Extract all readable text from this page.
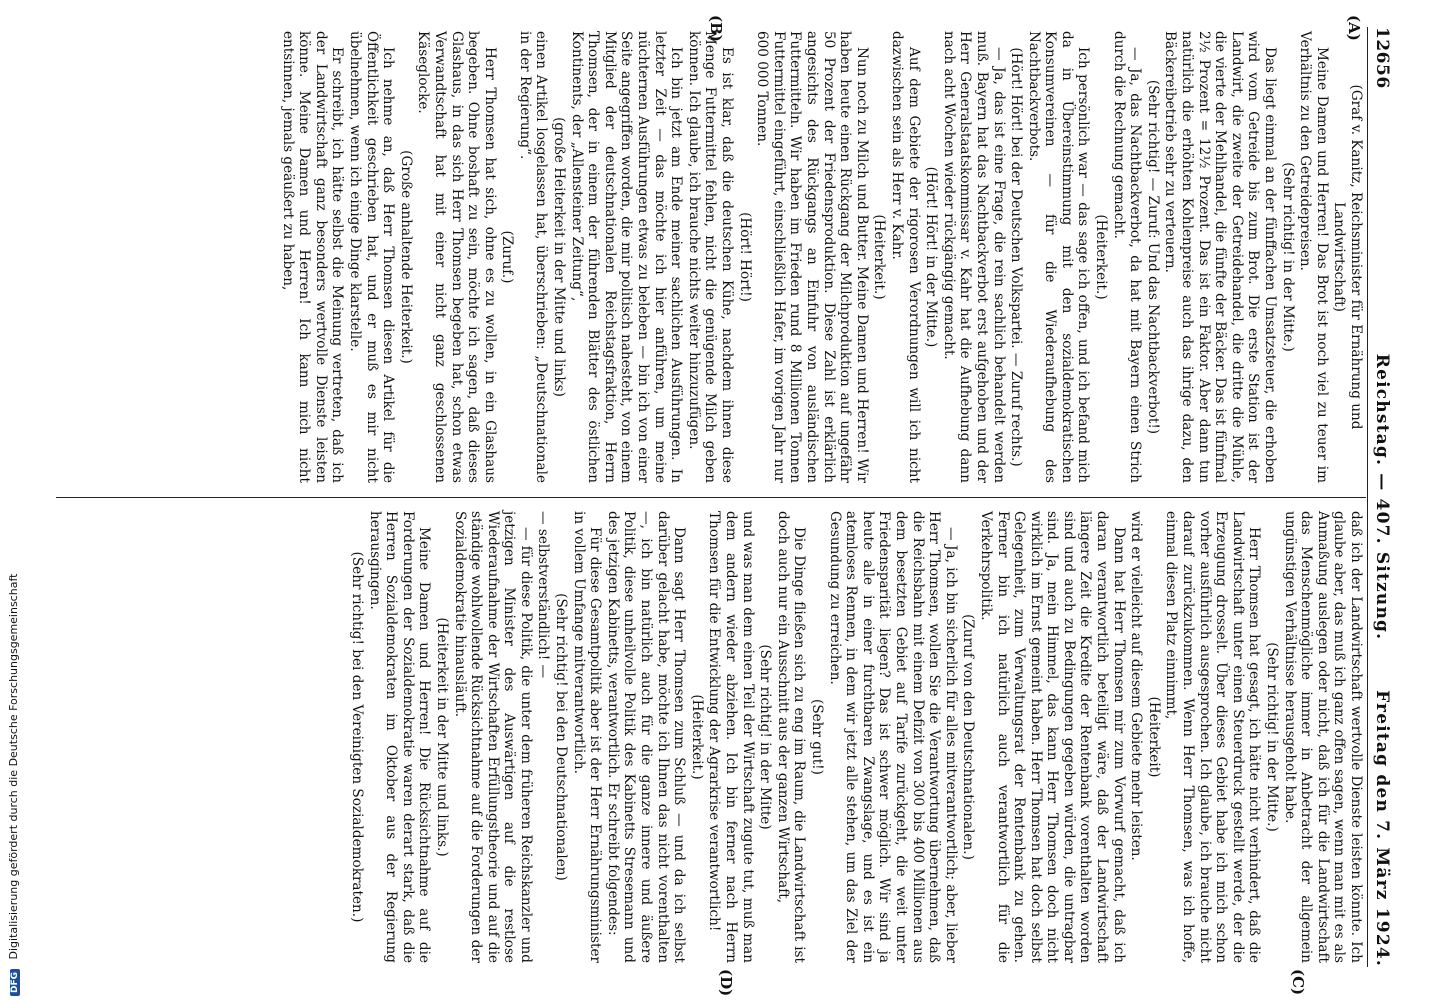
12656
Reichstag. — 407. Sitzung.
Freitag den 7. März 1924.
(A)
(B)

(Graf v. Kanitz, Reichsminister für Ernährung und Landwirtschaft)

Meine Damen und Herren! Das Brot ist noch viel zu teuer im Verhältnis zu den Getreidepreisen.

(Sehr richtig! in der Mitte.)

Das liegt einmal an der fünffachen Umsatzsteuer, die erhoben wird vom Getreide bis zum Brot. Die erste Station ist der Landwirt, die zweite der Getreidehandel, die dritte die Mühle, die vierte der Mehlhandel, die fünfte der Bäcker. Das ist fünfmal 2½ Prozent = 12½ Prozent. Das ist ein Faktor. Aber dann tun natürlich die erhöhten Kohlenpreise auch das ihrige dazu, den Bäckereibetrieb sehr zu verteuern.

(Sehr richtig! — Zuruf: Und das Nachtbackverbot!)

— Ja, das Nachtbackverbot, da hat mit Bayern einen Strich durch die Rechnung gemacht.

(Heiterkeit.)

Ich persönlich war — das sage ich offen, und ich befand mich da in Übereinstimmung mit den sozialdemokratischen Konsumvereinen — für die Wiederaufhebung des Nachtbackverbots.

(Hört! Hört! bei der Deutschen Volkspartei. — Zuruf rechts.)

— Ja, das ist eine Frage, die rein sachlich behandelt werden muß. Bayern hat das Nachtbackverbot erst aufgehoben und der Herr Generalstaatskommissar v. Kahr hat die Aufhebung dann nach acht Wochen wieder rückgängig gemacht.

(Hört! Hört! in der Mitte.)

Auf dem Gebiete der rigorosen Verordnungen will ich nicht dazwischen sein als Herr v. Kahr.

(Heiterkeit.)

Nun noch zu Milch und Butter. Meine Damen und Herren! Wir haben heute einen Rückgang der Milchproduktion auf ungefähr 50 Prozent der Friedensproduktion. Diese Zahl ist erklärlich angesichts des Rückgangs an Einfuhr von ausländischen Futtermitteln. Wir haben im Frieden rund 8 Millionen Tonnen Futtermittel eingeführt, einschließlich Hafer, im vorigen Jahr nur 600 000 Tonnen.

(Hört! Hört!)

Es ist klar, daß die deutschen Kühe, nachdem ihnen diese Menge Futtermittel fehlen, nicht die genügende Milch geben können. Ich glaube, ich brauche nichts weiter hinzuzufügen.

Ich bin jetzt am Ende meiner sachlichen Ausführungen. In letzter Zeit — das möchte ich hier anführen, um meine nüchternen Ausführungen etwas zu beleben — bin ich von einer Seite angegriffen worden, die mir politisch nahesteht, von einem Mitglied der deutschnationalen Reichstagsfraktion, Herrn Thomsen, der in einem der führenden Blätter des östlichen Kontinents, der „Allensteiner Zeitung“,

(große Heiterkeit in der Mitte und links)

einen Artikel losgelassen hat, überschrieben: „Deutschnationale in der Regierung“.

(Zuruf.)

Herr Thomsen hat sich, ohne es zu wollen, in ein Glashaus begeben. Ohne boshaft zu sein, möchte ich sagen, daß dieses Glashaus, in das sich Herr Thomsen begeben hat, schon etwas Verwandtschaft hat mit einer nicht ganz geschlossenen Käseglocke.

(Große anhaltende Heiterkeit.)

Ich nehme an, daß Herr Thomsen diesen Artikel für die Öffentlichkeit geschrieben hat, und er muß es mir nicht übelnehmen, wenn ich einige Dinge klarstelle.

Er schreibt, ich hätte selbst die Meinung vertreten, daß ich der Landwirtschaft ganz besonders wertvolle Dienste leisten könne. Meine Damen und Herren! Ich kann mich nicht entsinnen, jemals geäußert zu haben,

(C)
(D)

daß ich der Landwirtschaft wertvolle Dienste leisten könnte. Ich glaube aber, das muß ich ganz offen sagen, wenn man mit es als Anmaßung auslegen oder nicht, daß ich für die Landwirtschaft das Menschenmögliche immer in Anbetracht der allgemein ungünstigen Verhältnisse herausgeholt habe.

(Sehr richtig! in der Mitte.)

Herr Thomsen hat gesagt, ich hätte nicht verhindert, daß die Landwirtschaft unter einen Steuerdruck gestellt werde, der die Erzeugung drosselt. Über dieses Gebiet habe ich mich schon vorher ausführlich ausgesprochen. Ich glaube, ich brauche nicht darauf zurückzukommen. Wenn Herr Thomsen, was ich hoffe, einmal diesen Platz einnimmt,

(Heiterkeit)

wird er vielleicht auf diesem Gebiete mehr leisten.

Dann hat Herr Thomsen mir zum Vorwurf gemacht, daß ich daran verantwortlich beteiligt wäre, daß der Landwirtschaft längere Zeit die Kredite der Rentenbank vorenthalten worden sind und auch zu Bedingungen gegeben würden, die untragbar sind. Ja, mein Himmel, das kann Herr Thomsen doch nicht wirklich im Ernst gemeint haben. Herr Thomsen hat doch selbst Gelegenheit, zum Verwaltungsrat der Rentenbank zu gehen. Ferner bin ich natürlich auch verantwortlich für die Verkehrspolitik.

(Zuruf von den Deutschnationalen.)

— Ja, ich bin sicherlich für alles mitverantwortlich; aber, lieber Herr Thomsen, wollen Sie die Verantwortung übernehmen, daß die Reichsbahn mit einem Defizit von 300 bis 400 Millionen aus dem besetzten Gebiet auf Tarife zurückgeht, die weit unter Friedensparität liegen? Das ist schwer möglich. Wir sind ja heute alle in einer furchtbaren Zwangslage, und es ist ein atemloses Rennen, in dem wir jetzt alle stehen, um das Ziel der Gesundung zu erreichen.

(Sehr gut!)

Die Dinge fließen sich zu eng im Raum, die Landwirtschaft ist doch auch nur ein Ausschnitt aus der ganzen Wirtschaft,

(Sehr richtig! in der Mitte)

und was man dem einen Teil der Wirtschaft zugute tut, muß man dem andern wieder abziehen. Ich bin ferner nach Herrn Thomsen für die Entwicklung der Agrarkrise verantwortlich!

(Heiterkeit.)

Dann sagt Herr Thomsen zum Schluß — und da ich selbst darüber gelacht habe, möchte ich Ihnen das nicht vorenthalten —, ich bin natürlich auch für die ganze innere und äußere Politik, diese unheilvolle Politik des Kabinetts Stresemann und des jetzigen Kabinetts, verantwortlich. Er schreibt folgendes:

Für diese Gesamtpolitik aber ist der Herr Ernährungsminister in vollem Umfange mitverantwortlich.

(Sehr richtig! bei den Deutschnationalen)

— selbstverständlich! —

— für diese Politik, die unter dem früheren Reichskanzler und jetzigen Minister des Auswärtigen auf die restlose Wiederaufnahme der Wirtschaften Erfüllungstheorie und auf die ständige wohlwollende Rücksichtnahme auf die Forderungen der Sozialdemokratie hinausläuft.

(Heiterkeit in der Mitte und links.)

Meine Damen und Herren! Die Rücksichtnahme auf die Forderungen der Sozialdemokratie waren derart stark, daß die Herren Sozialdemokraten im Oktober aus der Regierung herausgingen.

(Sehr richtig! bei den Vereinigten Sozialdemokraten.)

DFG Digitalisierung gefördert durch die Deutsche Forschungsgemeinschaft
